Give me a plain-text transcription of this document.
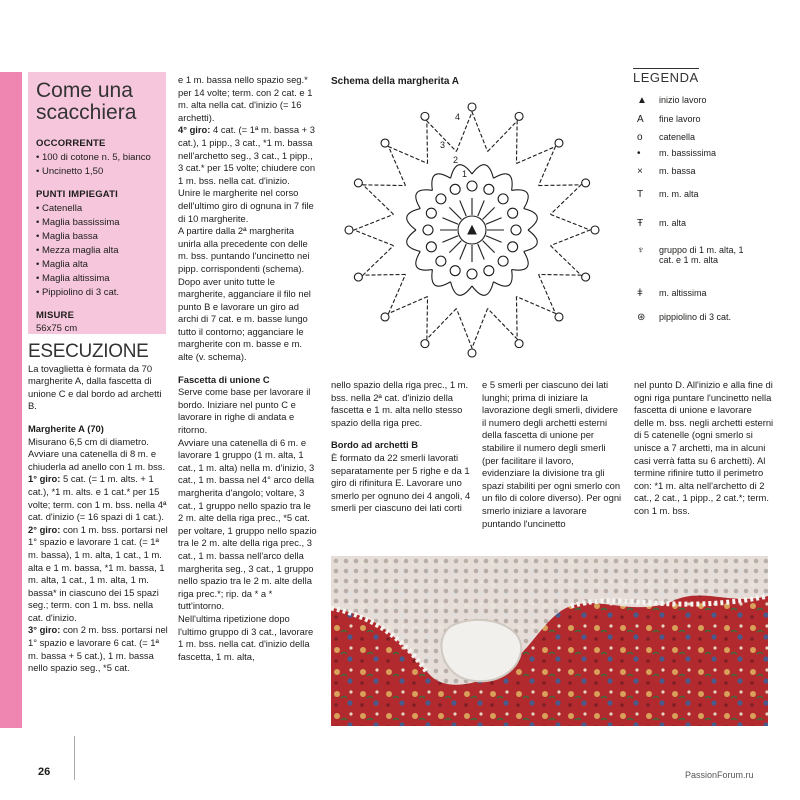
Come una scacchiera
OCCORRENTE
• 100 di cotone n. 5, bianco
• Uncinetto 1,50
PUNTI IMPIEGATI
• Catenella
• Maglia bassissima
• Maglia bassa
• Mezza maglia alta
• Maglia alta
• Maglia altissima
• Pippiolino di 3 cat.
MISURE
56x75 cm
ESECUZIONE

La tovaglietta è formata da 70 margherite A, dalla fascetta di unione C e dal bordo ad archetti B.

Margherite A (70)

Misurano 6,5 cm di diametro. Avviare una catenella di 8 m. e chiuderla ad anello con 1 m. bss.

1° giro: 5 cat. (= 1 m. alts. + 1 cat.), *1 m. alts. e 1 cat.* per 15 volte; term. con 1 m. bss. nella 4ª cat. d'inizio (= 16 spazi di 1 cat.).

2° giro: con 1 m. bss. portarsi nel 1° spazio e lavorare 1 cat. (= 1ª m. bassa), 1 m. alta, 1 cat., 1 m. alta e 1 m. bassa, *1 m. bassa, 1 m. alta, 1 cat., 1 m. alta, 1 m. bassa* in ciascuno dei 15 spazi seg.; term. con 1 m. bss. nella cat. d'inizio.

3° giro: con 2 m. bss. portarsi nel 1° spazio e lavorare 6 cat. (= 1ª m. bassa + 5 cat.), 1 m. bassa nello spazio seg., *5 cat.

e 1 m. bassa nello spazio seg.* per 14 volte; term. con 2 cat. e 1 m. alta nella cat. d'inizio (= 16 archetti).

4° giro: 4 cat. (= 1ª m. bassa + 3 cat.), 1 pipp., 3 cat., *1 m. bassa nell'archetto seg., 3 cat., 1 pipp., 3 cat.* per 15 volte; chiudere con 1 m. bss. nella cat. d'inizio.

Unire le margherite nel corso dell'ultimo giro di ognuna in 7 file di 10 margherite.

A partire dalla 2ª margherita unirla alla precedente con delle m. bss. puntando l'uncinetto nei pipp. corrispondenti (schema). Dopo aver unito tutte le margherite, agganciare il filo nel punto B e lavorare un giro ad archi di 7 cat. e m. basse lungo tutto il contorno; agganciare le margherite con m. basse e m. alte (v. schema).

Fascetta di unione C

Serve come base per lavorare il bordo. Iniziare nel punto C e lavorare in righe di andata e ritorno.

Avviare una catenella di 6 m. e lavorare 1 gruppo (1 m. alta, 1 cat., 1 m. alta) nella m. d'inizio, 3 cat., 1 m. bassa nel 4° arco della margherita d'angolo; voltare, 3 cat., 1 gruppo nello spazio tra le 2 m. alte della riga prec., *5 cat. per voltare, 1 gruppo nello spazio tra le 2 m. alte della riga prec., 3 cat., 1 m. bassa nell'arco della margherita seg., 3 cat., 1 gruppo nello spazio tra le 2 m. alte della riga prec.*; rip. da * a * tutt'intorno.

Nell'ultima ripetizione dopo l'ultimo gruppo di 3 cat., lavorare 1 m. bss. nella cat. d'inizio della fascetta, 1 m. alta,

Schema della margherita A
4
3
2
1
LEGENDA
▲	inizio lavoro
A	fine lavoro
o	catenella
•	m. bassissima
×	m. bassa
T	m. m. alta
Ŧ	m. alta
♆	gruppo di 1 m. alta, 1 cat. e 1 m. alta
ǂ	m. altissima
⊛	pippiolino di 3 cat.

nello spazio della riga prec., 1 m. bss. nella 2ª cat. d'inizio della fascetta e 1 m. alta nello stesso spazio della riga prec.

Bordo ad archetti B

È formato da 22 smerli lavorati separatamente per 5 righe e da 1 giro di rifinitura E. Lavorare uno smerlo per ognuno dei 4 angoli, 4 smerli per ciascuno dei lati corti

e 5 smerli per ciascuno dei lati lunghi; prima di iniziare la lavorazione degli smerli, dividere il numero degli archetti esterni della fascetta di unione per stabilire il numero degli smerli (per facilitare il lavoro, evidenziare la divisione tra gli spazi stabiliti per ogni smerlo con un filo di colore diverso). Per ogni smerlo iniziare a lavorare puntando l'uncinetto

nel punto D. All'inizio e alla fine di ogni riga puntare l'uncinetto nella fascetta di unione e lavorare delle m. bss. negli archetti esterni di 5 catenelle (ogni smerlo si unisce a 7 archetti, ma in alcuni casi verrà fatta su 6 archetti). Al termine rifinire tutto il perimetro con: *1 m. alta nell'archetto di 2 cat., 2 cat., 1 pipp., 2 cat.*; term. con 1 m. bss.

26	PassionForum.ru
